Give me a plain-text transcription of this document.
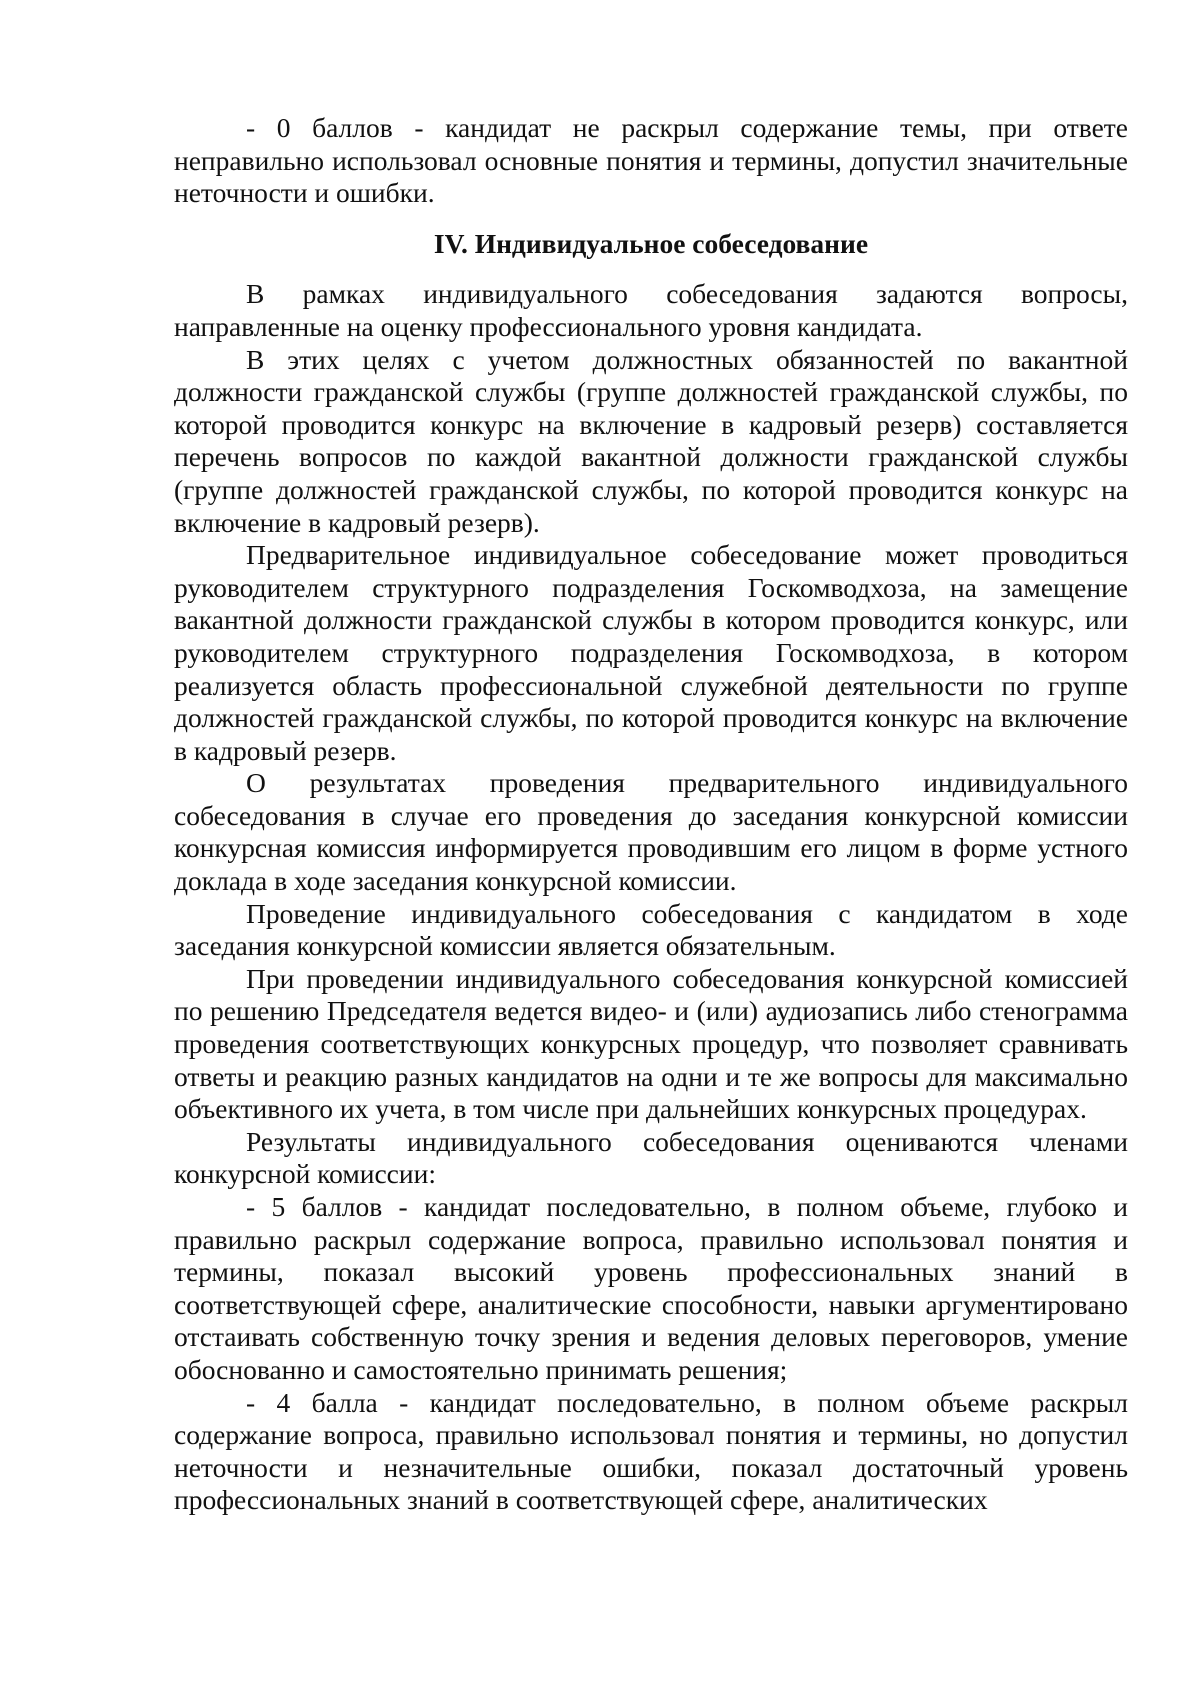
- 0 баллов - кандидат не раскрыл содержание темы, при ответе неправильно использовал основные понятия и термины, допустил значительные неточности и ошибки.

IV. Индивидуальное собеседование

В рамках индивидуального собеседования задаются вопросы, направленные на оценку профессионального уровня кандидата.

В этих целях с учетом должностных обязанностей по вакантной должности гражданской службы (группе должностей гражданской службы, по которой проводится конкурс на включение в кадровый резерв) составляется перечень вопросов по каждой вакантной должности гражданской службы (группе должностей гражданской службы, по которой проводится конкурс на включение в кадровый резерв).

Предварительное индивидуальное собеседование может проводиться руководителем структурного подразделения Госкомводхоза, на замещение вакантной должности гражданской службы в котором проводится конкурс, или руководителем структурного подразделения Госкомводхоза, в котором реализуется область профессиональной служебной деятельности по группе должностей гражданской службы, по которой проводится конкурс на включение в кадровый резерв.

О результатах проведения предварительного индивидуального собеседования в случае его проведения до заседания конкурсной комиссии конкурсная комиссия информируется проводившим его лицом в форме устного доклада в ходе заседания конкурсной комиссии.

Проведение индивидуального собеседования с кандидатом в ходе заседания конкурсной комиссии является обязательным.

При проведении индивидуального собеседования конкурсной комиссией по решению Председателя ведется видео- и (или) аудиозапись либо стенограмма проведения соответствующих конкурсных процедур, что позволяет сравнивать ответы и реакцию разных кандидатов на одни и те же вопросы для максимально объективного их учета, в том числе при дальнейших конкурсных процедурах.

Результаты индивидуального собеседования оцениваются членами конкурсной комиссии:

- 5 баллов - кандидат последовательно, в полном объеме, глубоко и правильно раскрыл содержание вопроса, правильно использовал понятия и термины, показал высокий уровень профессиональных знаний в соответствующей сфере, аналитические способности, навыки аргументировано отстаивать собственную точку зрения и ведения деловых переговоров, умение обоснованно и самостоятельно принимать решения;

- 4 балла - кандидат последовательно, в полном объеме раскрыл содержание вопроса, правильно использовал понятия и термины, но допустил неточности и незначительные ошибки, показал достаточный уровень профессиональных знаний в соответствующей сфере, аналитических
